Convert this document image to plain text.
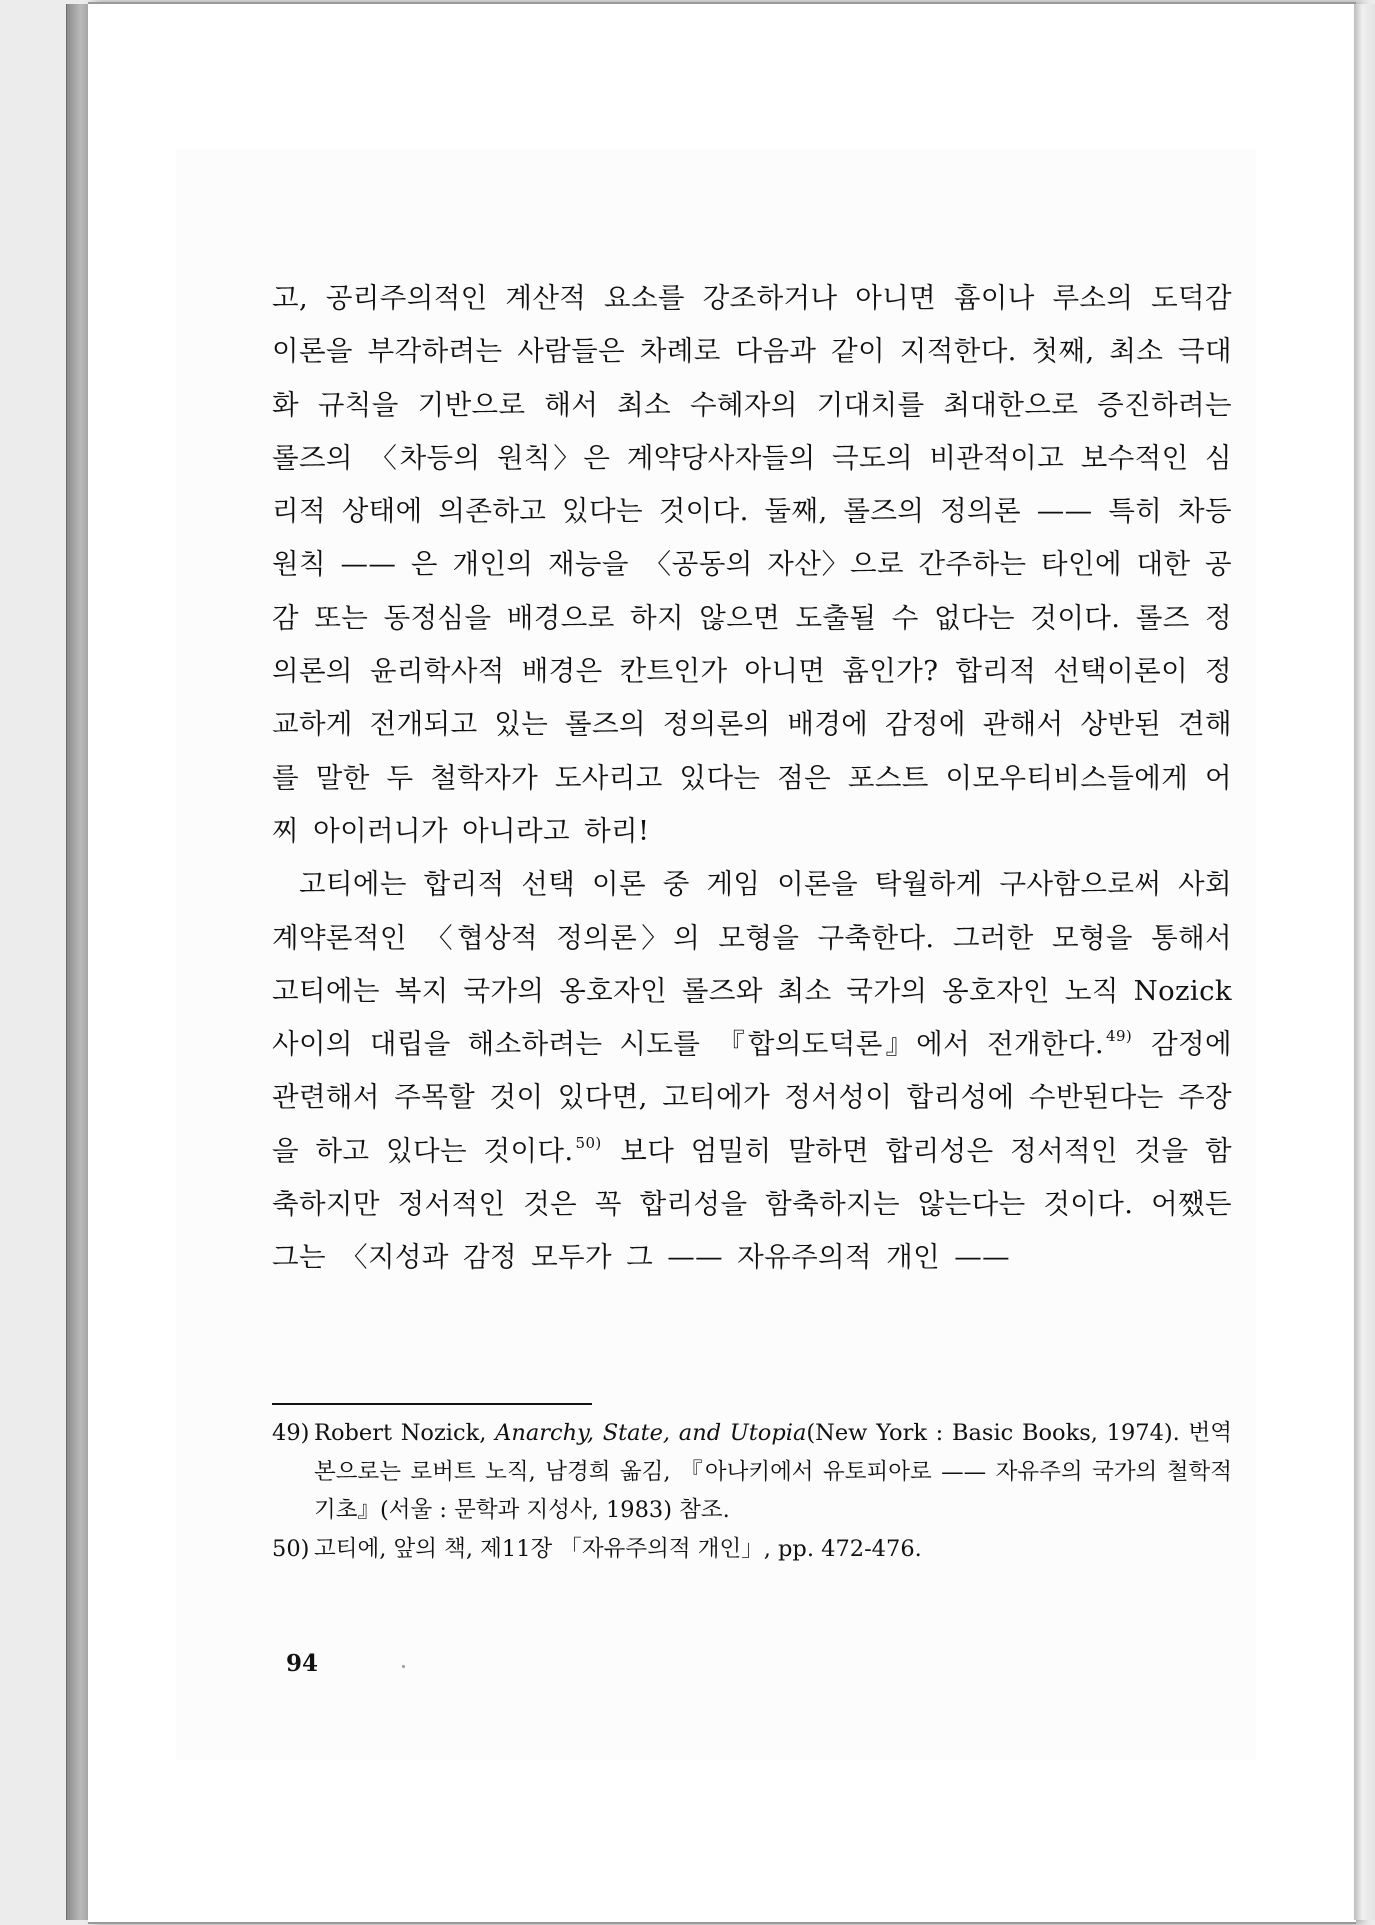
고, 공리주의적인 계산적 요소를 강조하거나 아니면 흄이나 루소의 도덕감 이론을 부각하려는 사람들은 차례로 다음과 같이 지적한다. 첫째, 최소 극대화 규칙을 기반으로 해서 최소 수혜자의 기대치를 최대한으로 증진하려는 롤즈의 〈차등의 원칙〉은 계약당사자들의 극도의 비관적이고 보수적인 심리적 상태에 의존하고 있다는 것이다. 둘째, 롤즈의 정의론 —— 특히 차등원칙 —— 은 개인의 재능을 〈공동의 자산〉으로 간주하는 타인에 대한 공감 또는 동정심을 배경으로 하지 않으면 도출될 수 없다는 것이다. 롤즈 정의론의 윤리학사적 배경은 칸트인가 아니면 흄인가? 합리적 선택이론이 정교하게 전개되고 있는 롤즈의 정의론의 배경에 감정에 관해서 상반된 견해를 말한 두 철학자가 도사리고 있다는 점은 포스트 이모우티비스들에게 어찌 아이러니가 아니라고 하리!

고티에는 합리적 선택 이론 중 게임 이론을 탁월하게 구사함으로써 사회 계약론적인 〈협상적 정의론〉의 모형을 구축한다. 그러한 모형을 통해서 고티에는 복지 국가의 옹호자인 롤즈와 최소 국가의 옹호자인 노직 Nozick 사이의 대립을 해소하려는 시도를 『합의도덕론』에서 전개한다. $^{49)}$ 감정에 관련해서 주목할 것이 있다면, 고티에가 정서성이 합리성에 수반된다는 주장을 하고 있다는 것이다. $^{50)}$ 보다 엄밀히 말하면 합리성은 정서적인 것을 함축하지만 정서적인 것은 꼭 합리성을 함축하지는 않는다는 것이다. 어쨌든 그는 〈지성과 감정 모두가 그 —— 자유주의적 개인 ——

49) Robert Nozick, Anarchy, State, and Utopia(New York : Basic Books, 1974). 번역본으로는 로버트 노직, 남경희 옮김, 『아나키에서 유토피아로 —— 자유주의 국가의 철학적 기초』(서울 : 문학과 지성사, 1983) 참조.

50) 고티에, 앞의 책, 제11장 「자유주의적 개인」, pp. 472-476.

94
